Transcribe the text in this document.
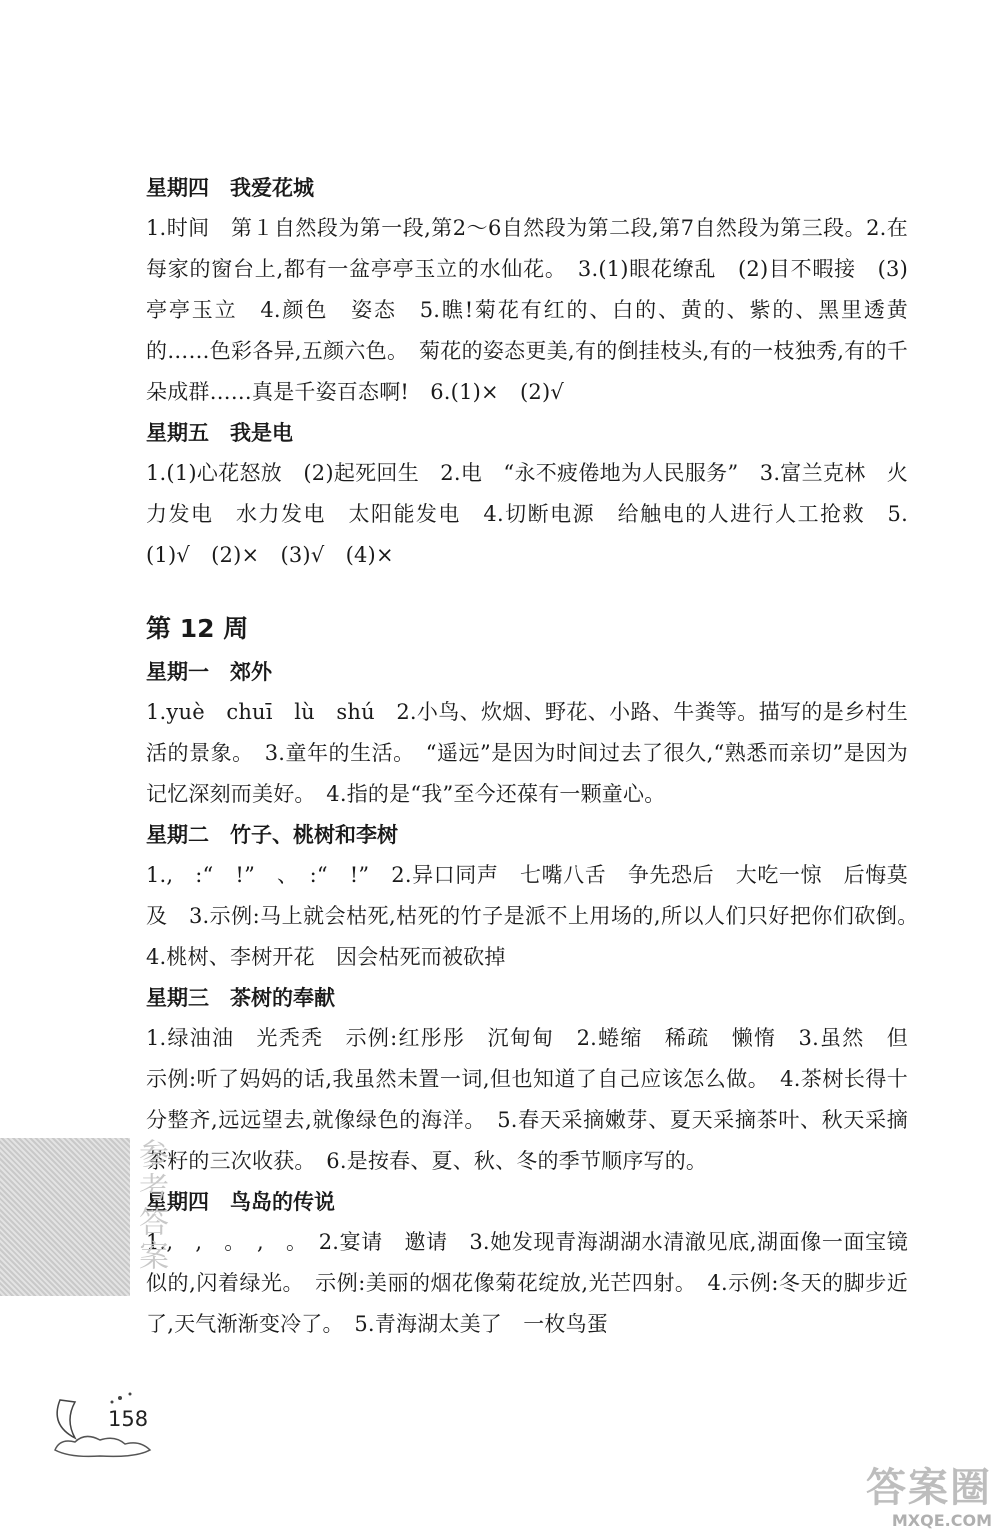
星期四　我爱花城
1.时间　第１自然段为第一段,第2～6自然段为第二段,第7自然段为第三段。2.在每家的窗台上,都有一盆亭亭玉立的水仙花。　3.(1)眼花缭乱　(2)目不暇接　(3)亭亭玉立　4.颜色　姿态　5.瞧!菊花有红的、白的、黄的、紫的、黑里透黄的……色彩各异,五颜六色。　菊花的姿态更美,有的倒挂枝头,有的一枝独秀,有的千朵成群……真是千姿百态啊!　6.(1)×　(2)√
星期五　我是电
1.(1)心花怒放　(2)起死回生　2.电　“永不疲倦地为人民服务”　3.富兰克林　火力发电　水力发电　太阳能发电　4.切断电源　给触电的人进行人工抢救　5.(1)√　(2)×　(3)√　(4)×
第 12 周
星期一　郊外
1.yuè　chuī　lù　shú　2.小鸟、炊烟、野花、小路、牛粪等。描写的是乡村生活的景象。　3.童年的生活。　“遥远”是因为时间过去了很久,“熟悉而亲切”是因为记忆深刻而美好。　4.指的是“我”至今还葆有一颗童心。
星期二　竹子、桃树和李树
1.,　:“　!”　、　:“　!”　2.异口同声　七嘴八舌　争先恐后　大吃一惊　后悔莫及　3.示例:马上就会枯死,枯死的竹子是派不上用场的,所以人们只好把你们砍倒。　4.桃树、李树开花　因会枯死而被砍掉
星期三　茶树的奉献
1.绿油油　光秃秃　示例:红彤彤　沉甸甸　2.蜷缩　稀疏　懒惰　3.虽然　但　示例:听了妈妈的话,我虽然未置一词,但也知道了自己应该怎么做。　4.茶树长得十分整齐,远远望去,就像绿色的海洋。　5.春天采摘嫩芽、夏天采摘茶叶、秋天采摘茶籽的三次收获。　6.是按春、夏、秋、冬的季节顺序写的。
星期四　鸟岛的传说
1.,　,　。　,　。　2.宴请　邀请　3.她发现青海湖湖水清澈见底,湖面像一面宝镜似的,闪着绿光。　示例:美丽的烟花像菊花绽放,光芒四射。　4.示例:冬天的脚步近了,天气渐渐变冷了。　5.青海湖太美了　一枚鸟蛋
参考答案
158
答案圈
MXQE.COM
